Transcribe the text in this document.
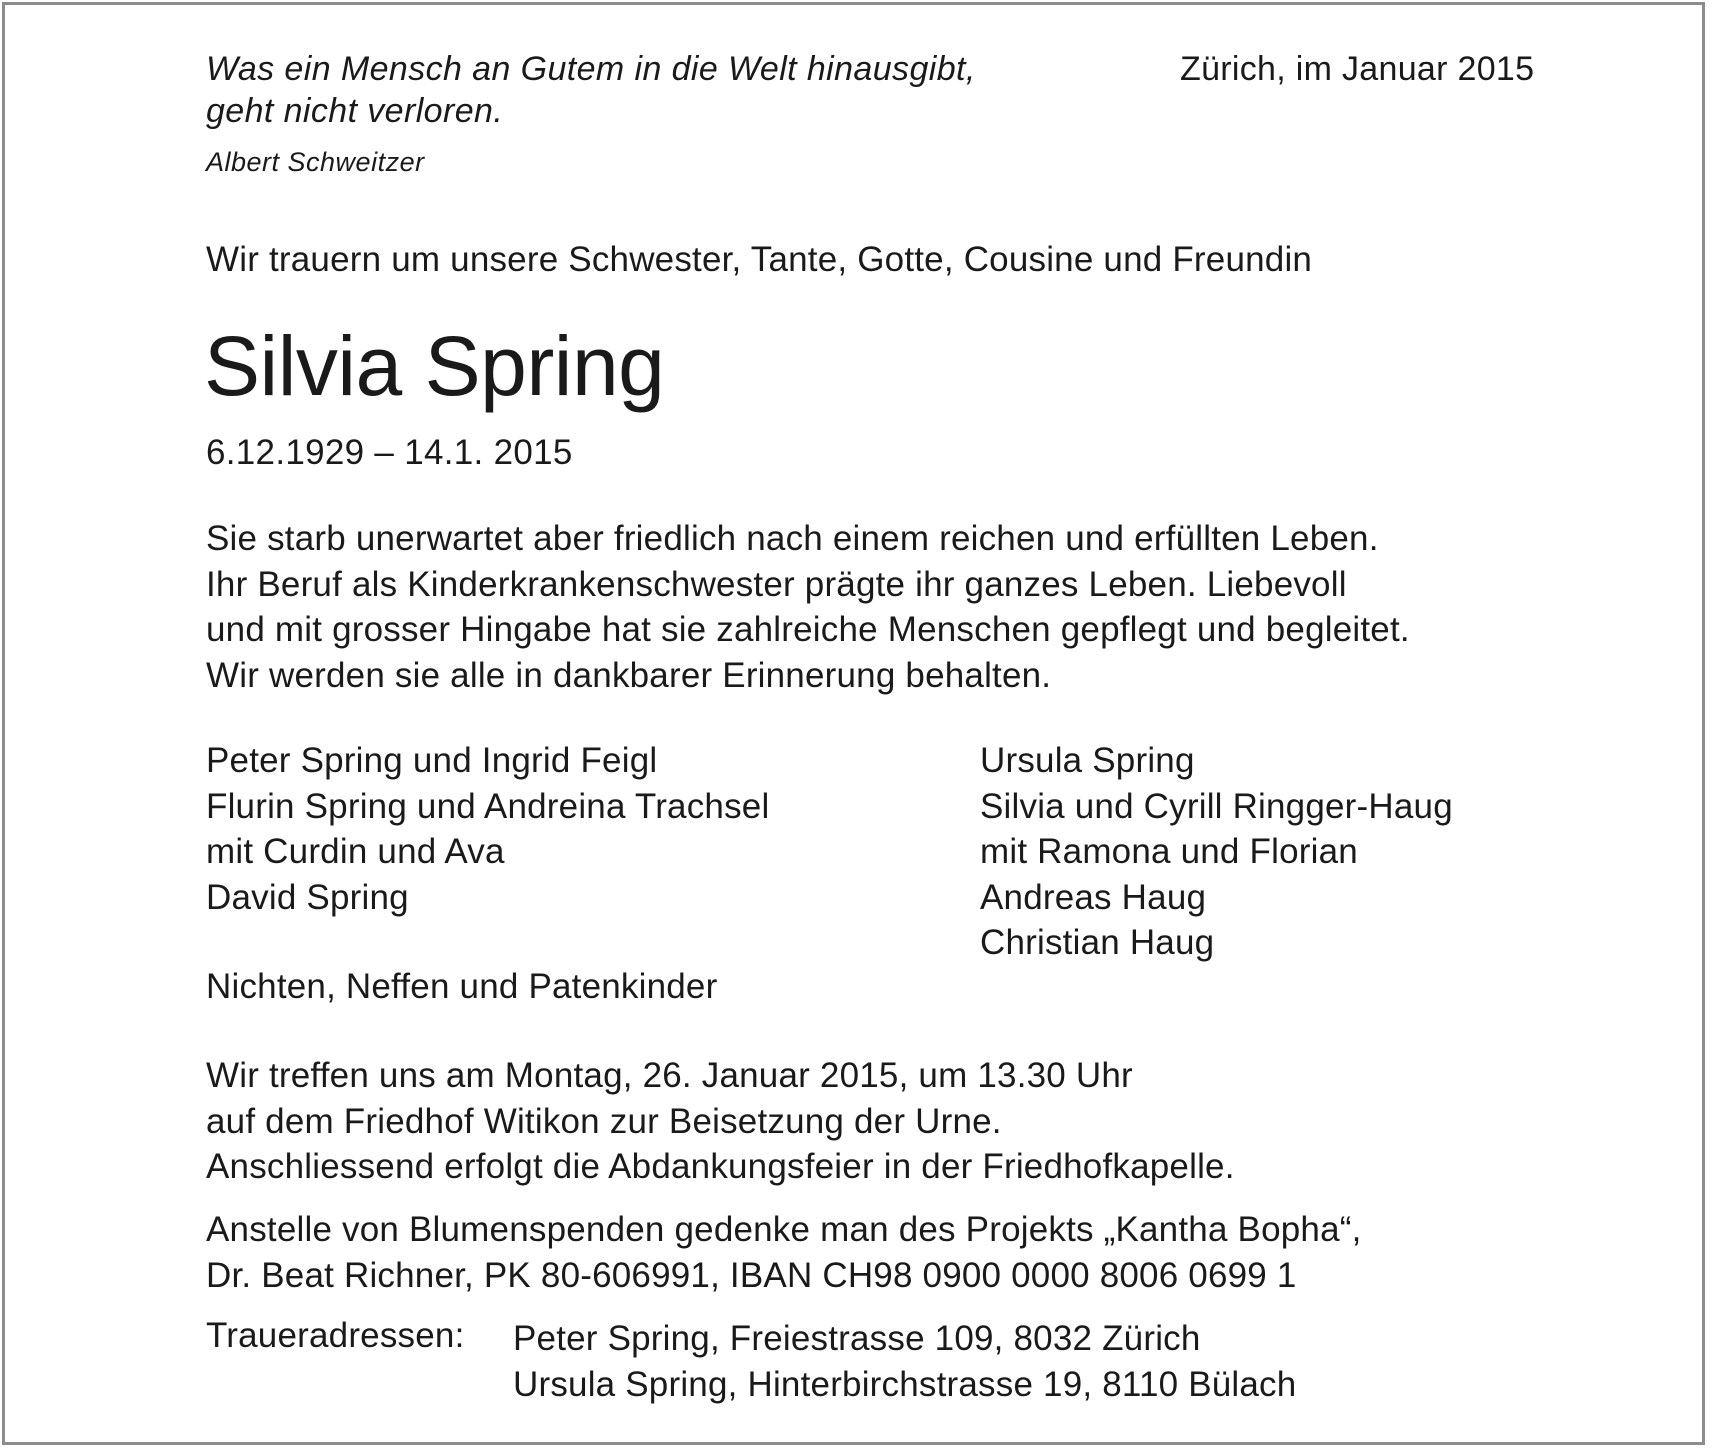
Was ein Mensch an Gutem in die Welt hinausgibt,
geht nicht verloren.
Albert Schweitzer
Zürich, im Januar 2015
Wir trauern um unsere Schwester, Tante, Gotte, Cousine und Freundin
Silvia Spring
6.12.1929 – 14.1. 2015
Sie starb unerwartet aber friedlich nach einem reichen und erfüllten Leben.
Ihr Beruf als Kinderkrankenschwester prägte ihr ganzes Leben. Liebevoll
und mit grosser Hingabe hat sie zahlreiche Menschen gepflegt und begleitet.
Wir werden sie alle in dankbarer Erinnerung behalten.
Peter Spring und Ingrid Feigl
Flurin Spring und Andreina Trachsel
mit Curdin und Ava
David Spring
Ursula Spring
Silvia und Cyrill Ringger-Haug
mit Ramona und Florian
Andreas Haug
Christian Haug
Nichten, Neffen und Patenkinder
Wir treffen uns am Montag, 26. Januar 2015, um 13.30 Uhr
auf dem Friedhof Witikon zur Beisetzung der Urne.
Anschliessend erfolgt die Abdankungsfeier in der Friedhofkapelle.
Anstelle von Blumenspenden gedenke man des Projekts „Kantha Bopha“,
Dr. Beat Richner, PK 80-606991, IBAN CH98 0900 0000 8006 0699 1
Traueradressen: Peter Spring, Freiestrasse 109, 8032 Zürich
Ursula Spring, Hinterbirchstrasse 19, 8110 Bülach
